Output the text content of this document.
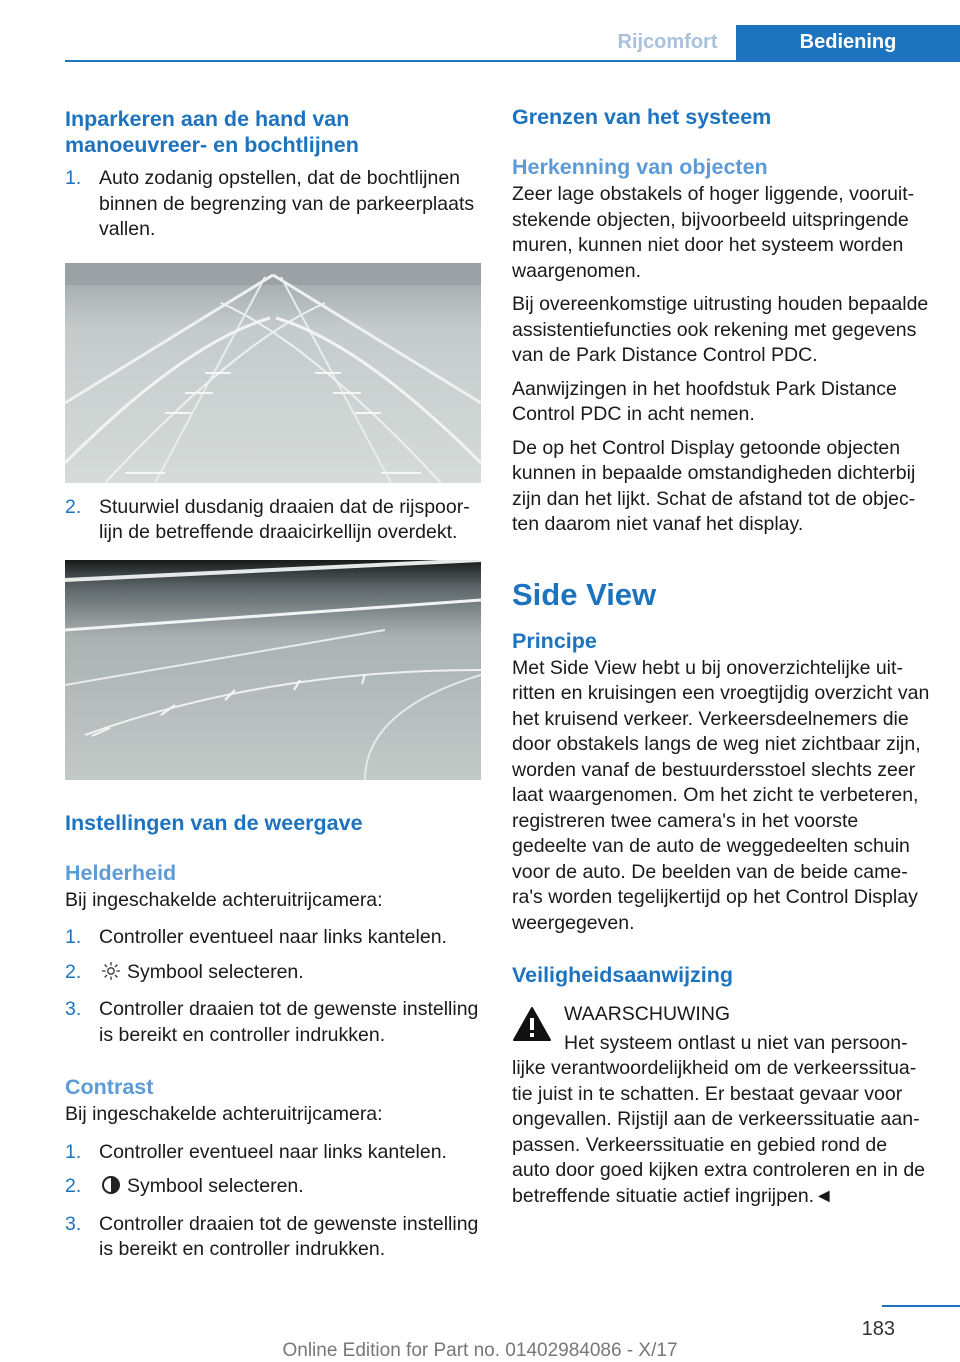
Rijcomfort	Bediening
Inparkeren aan de hand van manoeuvreer- en bochtlijnen
1. Auto zodanig opstellen, dat de bochtlijnen binnen de begrenzing van de parkeerplaats vallen.
2. Stuurwiel dusdanig draaien dat de rijspoorlijn de betreffende draaicirkellijn overdekt.
Instellingen van de weergave
Helderheid
Bij ingeschakelde achteruitrijcamera:
1. Controller eventueel naar links kantelen.
2. Symbool selecteren.
3. Controller draaien tot de gewenste instelling is bereikt en controller indrukken.
Contrast
Bij ingeschakelde achteruitrijcamera:
1. Controller eventueel naar links kantelen.
2. Symbool selecteren.
3. Controller draaien tot de gewenste instelling is bereikt en controller indrukken.
Grenzen van het systeem
Herkenning van objecten
Zeer lage obstakels of hoger liggende, vooruitstekende objecten, bijvoorbeeld uitspringende muren, kunnen niet door het systeem worden waargenomen.
Bij overeenkomstige uitrusting houden bepaalde assistentiefuncties ook rekening met gegevens van de Park Distance Control PDC.
Aanwijzingen in het hoofdstuk Park Distance Control PDC in acht nemen.
De op het Control Display getoonde objecten kunnen in bepaalde omstandigheden dichterbij zijn dan het lijkt. Schat de afstand tot de objecten daarom niet vanaf het display.
Side View
Principe
Met Side View hebt u bij onoverzichtelijke uitritten en kruisingen een vroegtijdig overzicht van het kruisend verkeer. Verkeersdeelnemers die door obstakels langs de weg niet zichtbaar zijn, worden vanaf de bestuurdersstoel slechts zeer laat waargenomen. Om het zicht te verbeteren, registreren twee camera's in het voorste gedeelte van de auto de weggedeelten schuin voor de auto. De beelden van de beide camera's worden tegelijkertijd op het Control Display weergegeven.
Veiligheidsaanwijzing
WAARSCHUWING
Het systeem ontlast u niet van persoonlijke verantwoordelijkheid om de verkeerssituatie juist in te schatten. Er bestaat gevaar voor ongevallen. Rijstijl aan de verkeerssituatie aanpassen. Verkeerssituatie en gebied rond de auto door goed kijken extra controleren en in de betreffende situatie actief ingrijpen.◄
183
Online Edition for Part no. 01402984086 - X/17
